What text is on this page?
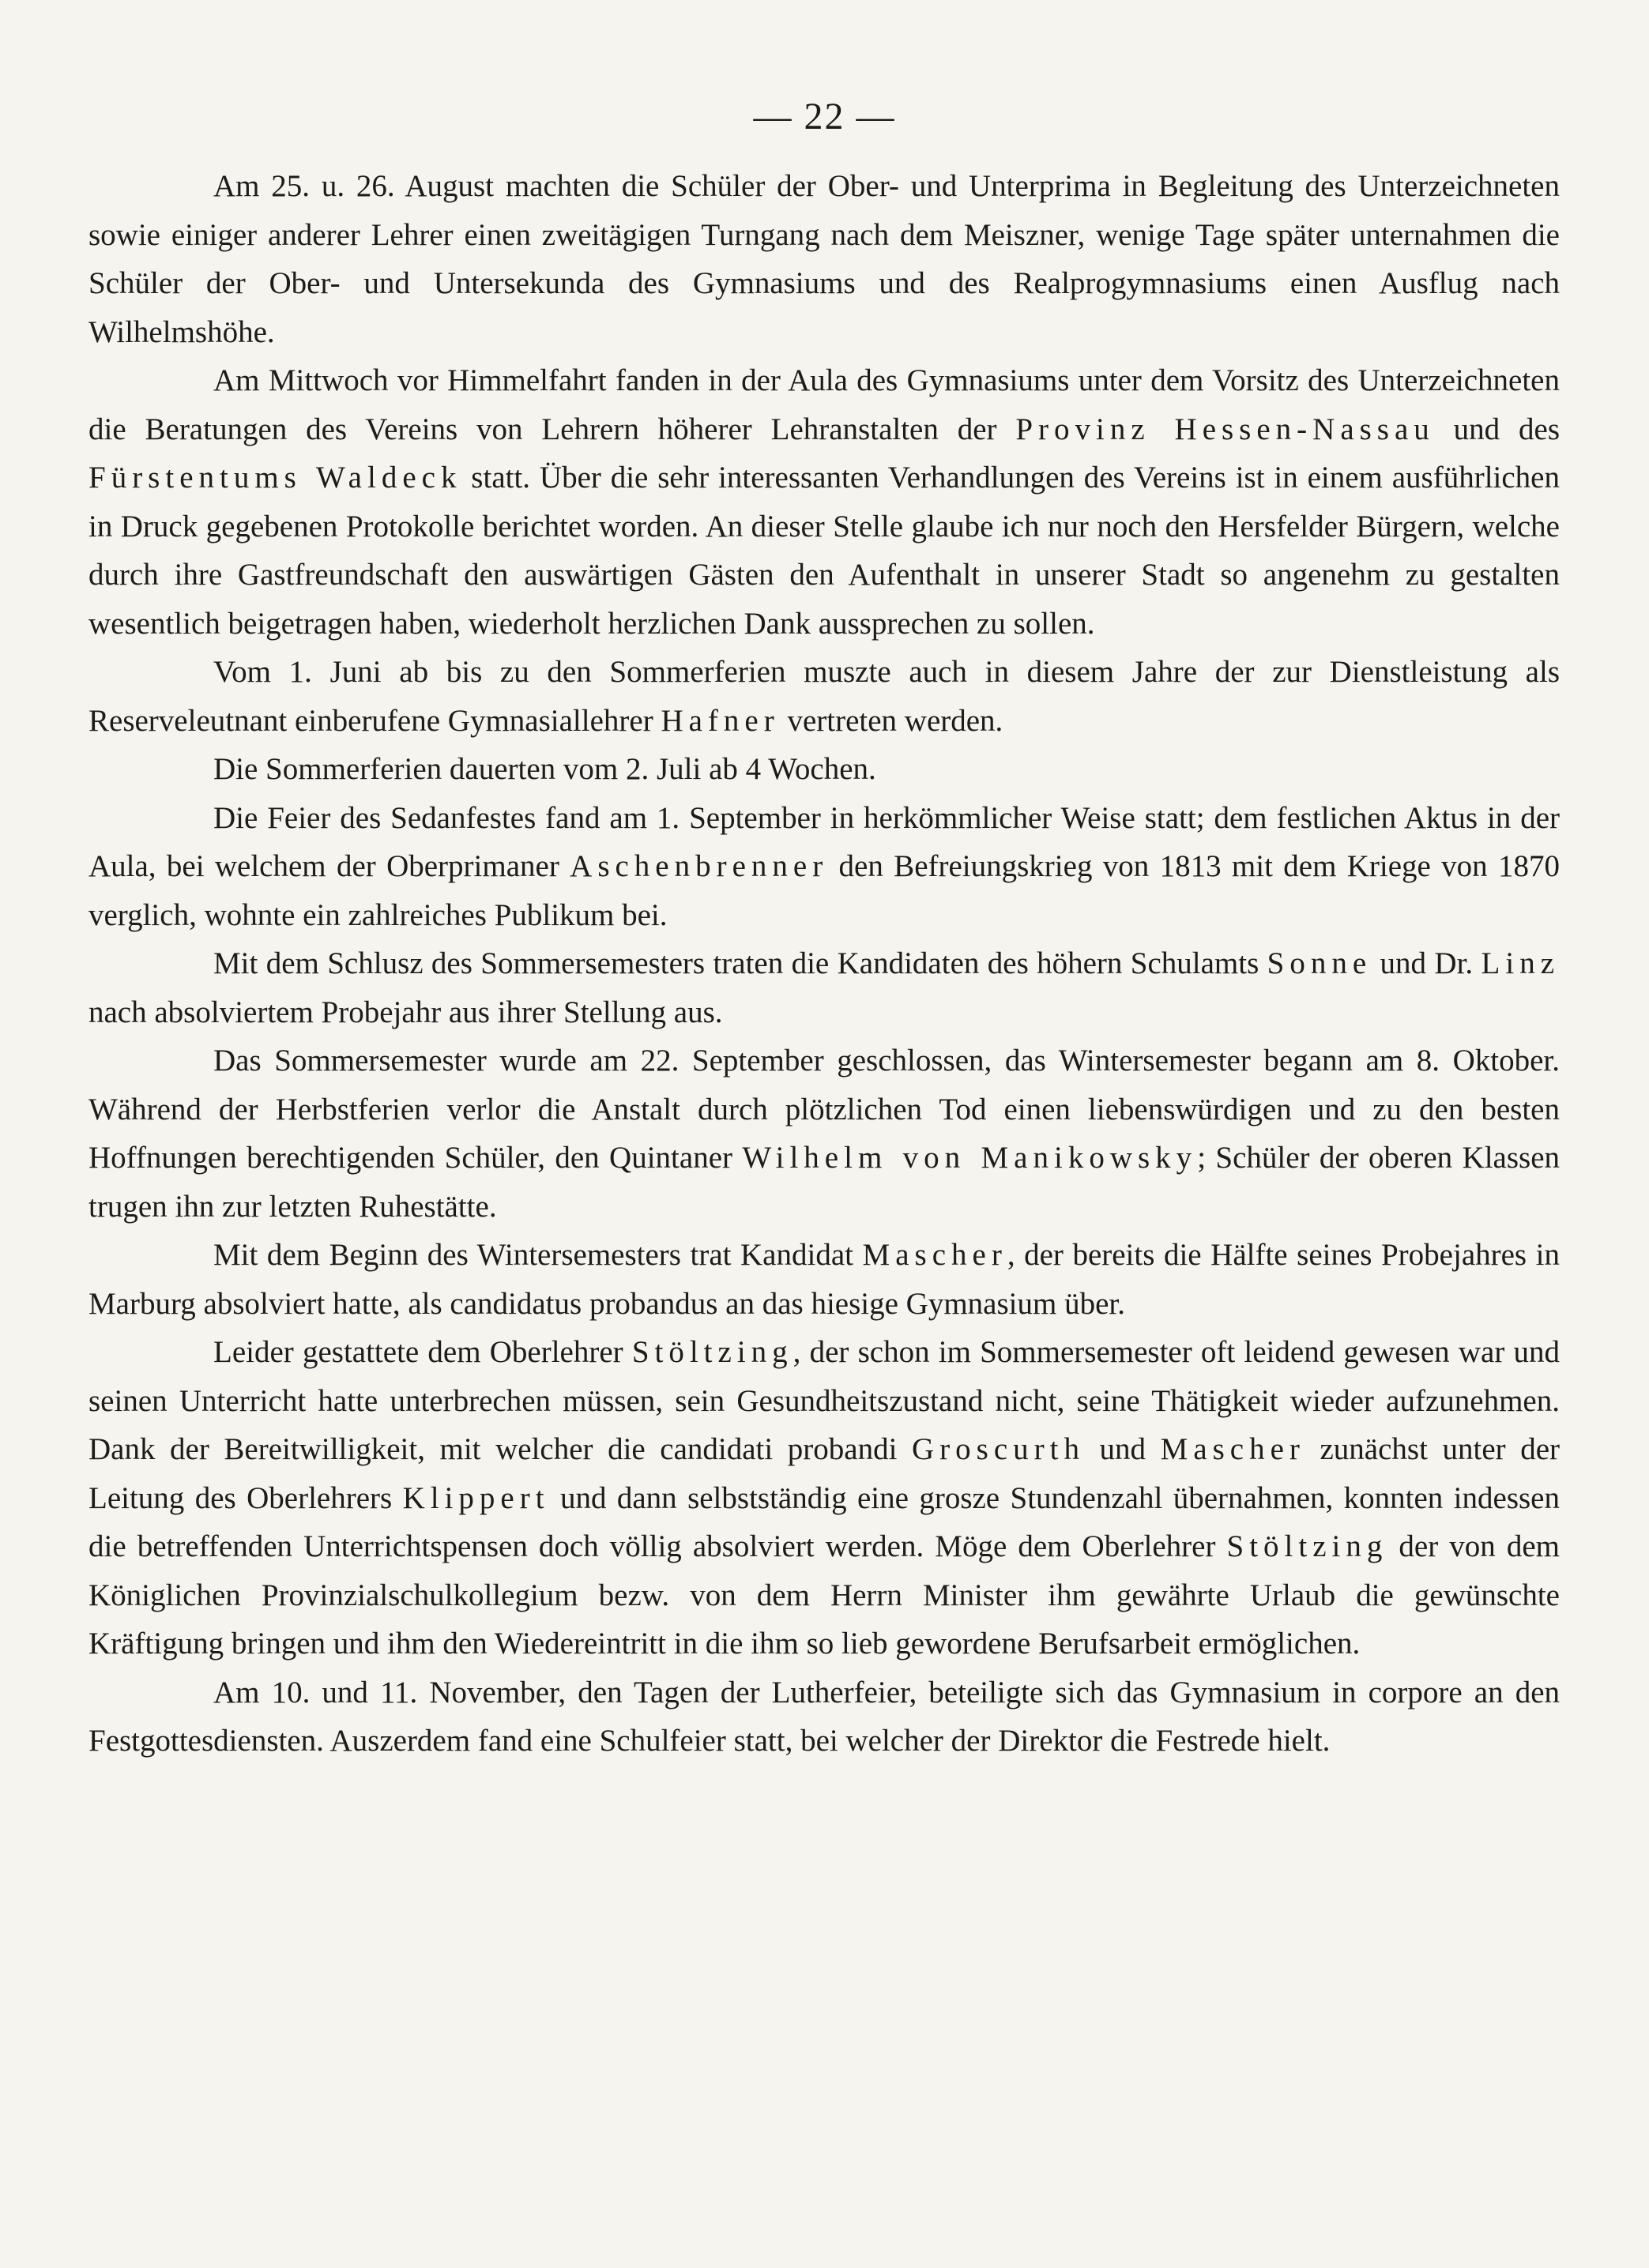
— 22 —

Am 25. u. 26. August machten die Schüler der Ober- und Unterprima in Begleitung des Unterzeichneten sowie einiger anderer Lehrer einen zweitägigen Turngang nach dem Meiszner, wenige Tage später unternahmen die Schüler der Ober- und Untersekunda des Gymnasiums und des Realprogymnasiums einen Ausflug nach Wilhelmshöhe.

Am Mittwoch vor Himmelfahrt fanden in der Aula des Gymnasiums unter dem Vorsitz des Unterzeichneten die Beratungen des Vereins von Lehrern höherer Lehranstalten der Provinz Hessen-Nassau und des Fürstentums Waldeck statt. Über die sehr interessanten Verhandlungen des Vereins ist in einem ausführlichen in Druck gegebenen Protokolle berichtet worden. An dieser Stelle glaube ich nur noch den Hersfelder Bürgern, welche durch ihre Gastfreundschaft den auswärtigen Gästen den Aufenthalt in unserer Stadt so angenehm zu gestalten wesentlich beigetragen haben, wiederholt herzlichen Dank aussprechen zu sollen.

Vom 1. Juni ab bis zu den Sommerferien muszte auch in diesem Jahre der zur Dienstleistung als Reserveleutnant einberufene Gymnasiallehrer Hafner vertreten werden.

Die Sommerferien dauerten vom 2. Juli ab 4 Wochen.

Die Feier des Sedanfestes fand am 1. September in herkömmlicher Weise statt; dem festlichen Aktus in der Aula, bei welchem der Oberprimaner Aschenbrenner den Befreiungskrieg von 1813 mit dem Kriege von 1870 verglich, wohnte ein zahlreiches Publikum bei.

Mit dem Schlusz des Sommersemesters traten die Kandidaten des höhern Schulamts Sonne und Dr. Linz nach absolviertem Probejahr aus ihrer Stellung aus.

Das Sommersemester wurde am 22. September geschlossen, das Wintersemester begann am 8. Oktober. Während der Herbstferien verlor die Anstalt durch plötzlichen Tod einen liebenswürdigen und zu den besten Hoffnungen berechtigenden Schüler, den Quintaner Wilhelm von Manikowsky; Schüler der oberen Klassen trugen ihn zur letzten Ruhestätte.

Mit dem Beginn des Wintersemesters trat Kandidat Mascher, der bereits die Hälfte seines Probejahres in Marburg absolviert hatte, als candidatus probandus an das hiesige Gymnasium über.

Leider gestattete dem Oberlehrer Stöltzing, der schon im Sommersemester oft leidend gewesen war und seinen Unterricht hatte unterbrechen müssen, sein Gesundheitszustand nicht, seine Thätigkeit wieder aufzunehmen. Dank der Bereitwilligkeit, mit welcher die candidati probandi Groscurth und Mascher zunächst unter der Leitung des Oberlehrers Klippert und dann selbstständig eine grosze Stundenzahl übernahmen, konnten indessen die betreffenden Unterrichtspensen doch völlig absolviert werden. Möge dem Oberlehrer Stöltzing der von dem Königlichen Provinzialschulkollegium bezw. von dem Herrn Minister ihm gewährte Urlaub die gewünschte Kräftigung bringen und ihm den Wiedereintritt in die ihm so lieb gewordene Berufsarbeit ermöglichen.

Am 10. und 11. November, den Tagen der Lutherfeier, beteiligte sich das Gymnasium in corpore an den Festgottesdiensten. Auszerdem fand eine Schulfeier statt, bei welcher der Direktor die Festrede hielt.
